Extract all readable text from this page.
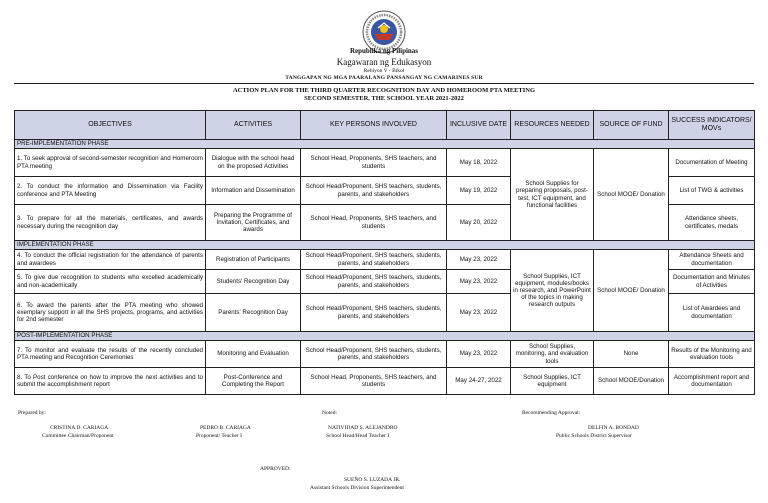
Republika ng Pilipinas
Kagawaran ng Edukasyon
Rehiyon V - Bikol
TANGGAPAN NG MGA PAARALANG PANSANGAY NG CAMARINES SUR
ACTION PLAN FOR THE THIRD QUARTER RECOGNITION DAY AND HOMEROOM PTA MEETING
SECOND SEMESTER, THE SCHOOL YEAR 2021-2022
OBJECTIVES	ACTIVITIES	KEY PERSONS INVOLVED	INCLUSIVE DATE	RESOURCES NEEDED	SOURCE OF FUND	SUCCESS INDICATORS/ MOVs
PRE-IMPLEMENTATION PHASE						
1. To seek approval of second-semester recognition and Homeroom PTA meeting	Dialogue with the school head on the proposed Activities	School Head, Proponents, SHS teachers, and students	May 18, 2022	School Supplies for preparing proposals, post-test, ICT equipment, and functional facilities	School MOOE/ Donation	Documentation of Meeting
2. To conduct the information and Dissemination via Facility conference and PTA Meeting	Information and Dissemination	School Head/Proponent, SHS teachers, students, parents, and stakeholders	May 19, 2022			List of TWG & activities
3. To prepare for all the materials, certificates, and awards necessary during the recognition day	Preparing the Programme of Invitation, Certificates, and awards	School Head, Proponents, SHS teachers, and students	May 20, 2022			Attendance sheets, certificates, medals
IMPLEMENTATION PHASE						
4. To conduct the official registration for the attendance of parents and awardees	Registration of Participants	School Head/Proponent, SHS teachers, students, parents, and stakeholders	May 23, 2022	School Supplies, ICT equipment, modules/books in research, and PowerPoint of the topics in making research outputs	School MOOE/ Donation	Attendance Sheets and documentation
5. To give due recognition to students who excelled academically and non-academically	Students' Recognition Day	School Head/Proponent, SHS teachers, students, parents, and stakeholders	May 23, 2022			Documentation and Minutes of Activities
6. To award the parents after the PTA meeting who showed exemplary support in all the SHS projects, programs, and activities for 2nd semester	Parents' Recognition Day	School Head/Proponent, SHS teachers, students, parents, and stakeholders	May 23, 2022			List of Awardees and documentation
POST-IMPLEMENTATION PHASE						
7. To monitor and evaluate the results of the recently concluded PTA meeting and Recognition Ceremonies	Monitoring and Evaluation	School Head/Proponent, SHS teachers, students, parents, and stakeholders	May 23, 2022	School Supplies, monitoring, and evaluation tools	None	Results of the Monitoring and evaluation tools
8. To Post conference on how to improve the next activities and to submit the accomplishment report	Post-Conference and Completing the Report	School Head, Proponents, SHS teachers, and students	May 24-27, 2022	School Supplies, ICT equipment	School MOOE/Donation	Accomplishment report and documentation
Prepared by:	Noted:	Recommending Approval:
CRISTINA D. CARIAGA
Committee Chairman/Proponent
PEDRO B. CARIAGA
Proponent/ Teacher I
NATIVIDAD S. ALEJANDRO
School Head/Head Teacher I
DELFIN A. BONDAD
Public Schools District Supervisor
APPROVED:
SUEÑO S. LUZADA JR.
Assistant Schools Division Superintendent
